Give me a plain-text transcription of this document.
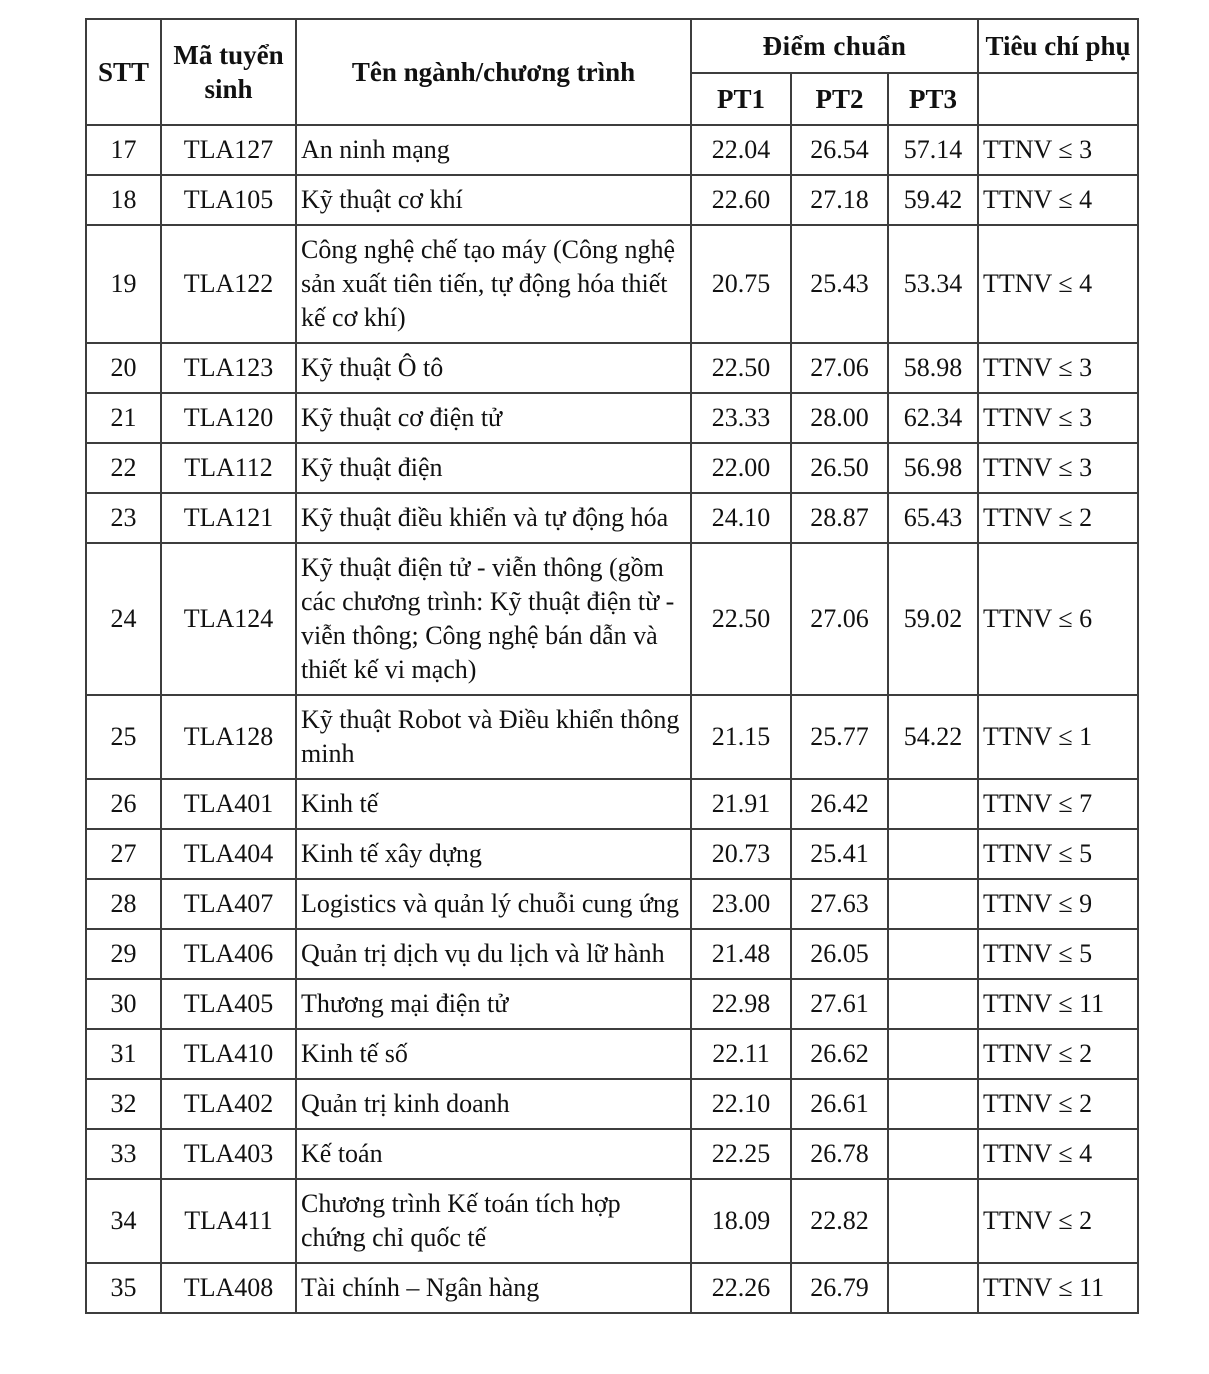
STT	Mã tuyển sinh	Tên ngành/chương trình	Điểm chuẩn			Tiêu chí phụ
			PT1	PT2	PT3	
17	TLA127	An ninh mạng	22.04	26.54	57.14	TTNV ≤ 3
18	TLA105	Kỹ thuật cơ khí	22.60	27.18	59.42	TTNV ≤ 4
19	TLA122	Công nghệ chế tạo máy (Công nghệ sản xuất tiên tiến, tự động hóa thiết kế cơ khí)	20.75	25.43	53.34	TTNV ≤ 4
20	TLA123	Kỹ thuật Ô tô	22.50	27.06	58.98	TTNV ≤ 3
21	TLA120	Kỹ thuật cơ điện tử	23.33	28.00	62.34	TTNV ≤ 3
22	TLA112	Kỹ thuật điện	22.00	26.50	56.98	TTNV ≤ 3
23	TLA121	Kỹ thuật điều khiển và tự động hóa	24.10	28.87	65.43	TTNV ≤ 2
24	TLA124	Kỹ thuật điện tử - viễn thông (gồm các chương trình: Kỹ thuật điện từ - viễn thông; Công nghệ bán dẫn và thiết kế vi mạch)	22.50	27.06	59.02	TTNV ≤ 6
25	TLA128	Kỹ thuật Robot và Điều khiển thông minh	21.15	25.77	54.22	TTNV ≤ 1
26	TLA401	Kinh tế	21.91	26.42		TTNV ≤ 7
27	TLA404	Kinh tế xây dựng	20.73	25.41		TTNV ≤ 5
28	TLA407	Logistics và quản lý chuỗi cung ứng	23.00	27.63		TTNV ≤ 9
29	TLA406	Quản trị dịch vụ du lịch và lữ hành	21.48	26.05		TTNV ≤ 5
30	TLA405	Thương mại điện tử	22.98	27.61		TTNV ≤ 11
31	TLA410	Kinh tế số	22.11	26.62		TTNV ≤ 2
32	TLA402	Quản trị kinh doanh	22.10	26.61		TTNV ≤ 2
33	TLA403	Kế toán	22.25	26.78		TTNV ≤ 4
34	TLA411	Chương trình Kế toán tích hợp chứng chỉ quốc tế	18.09	22.82		TTNV ≤ 2
35	TLA408	Tài chính – Ngân hàng	22.26	26.79		TTNV ≤ 11
